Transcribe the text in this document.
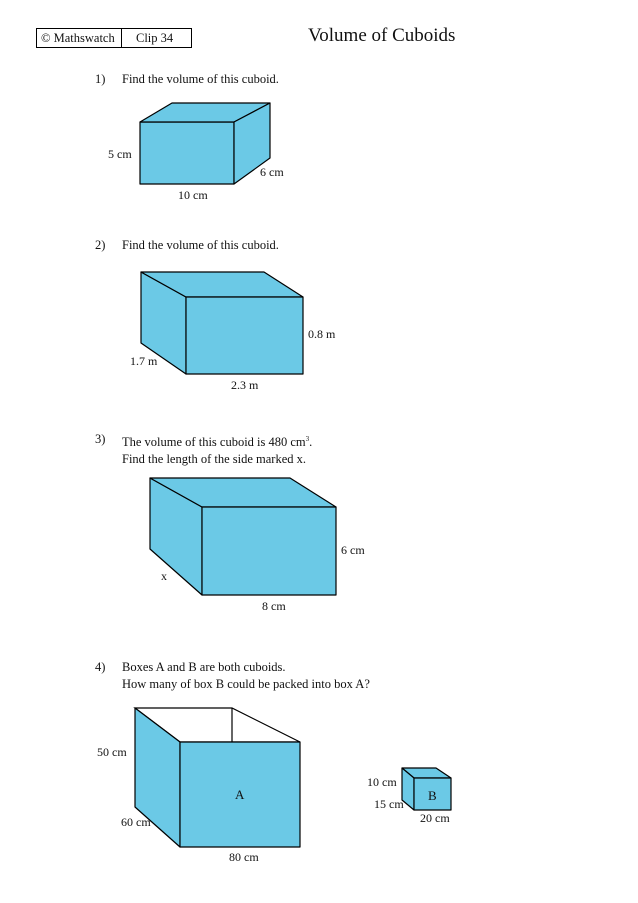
© Mathswatch	Clip 34	Volume of Cuboids
1) Find the volume of this cuboid.
5 cm
6 cm
10 cm
2) Find the volume of this cuboid.
0.8 m
1.7 m
2.3 m
3) The volume of this cuboid is 480 $cm^3$.
Find the length of the side marked x.
6 cm
x
8 cm
4) Boxes A and B are both cuboids.
How many of box B could be packed into box A?
50 cm
60 cm
80 cm
A
10 cm
15 cm
20 cm
B
